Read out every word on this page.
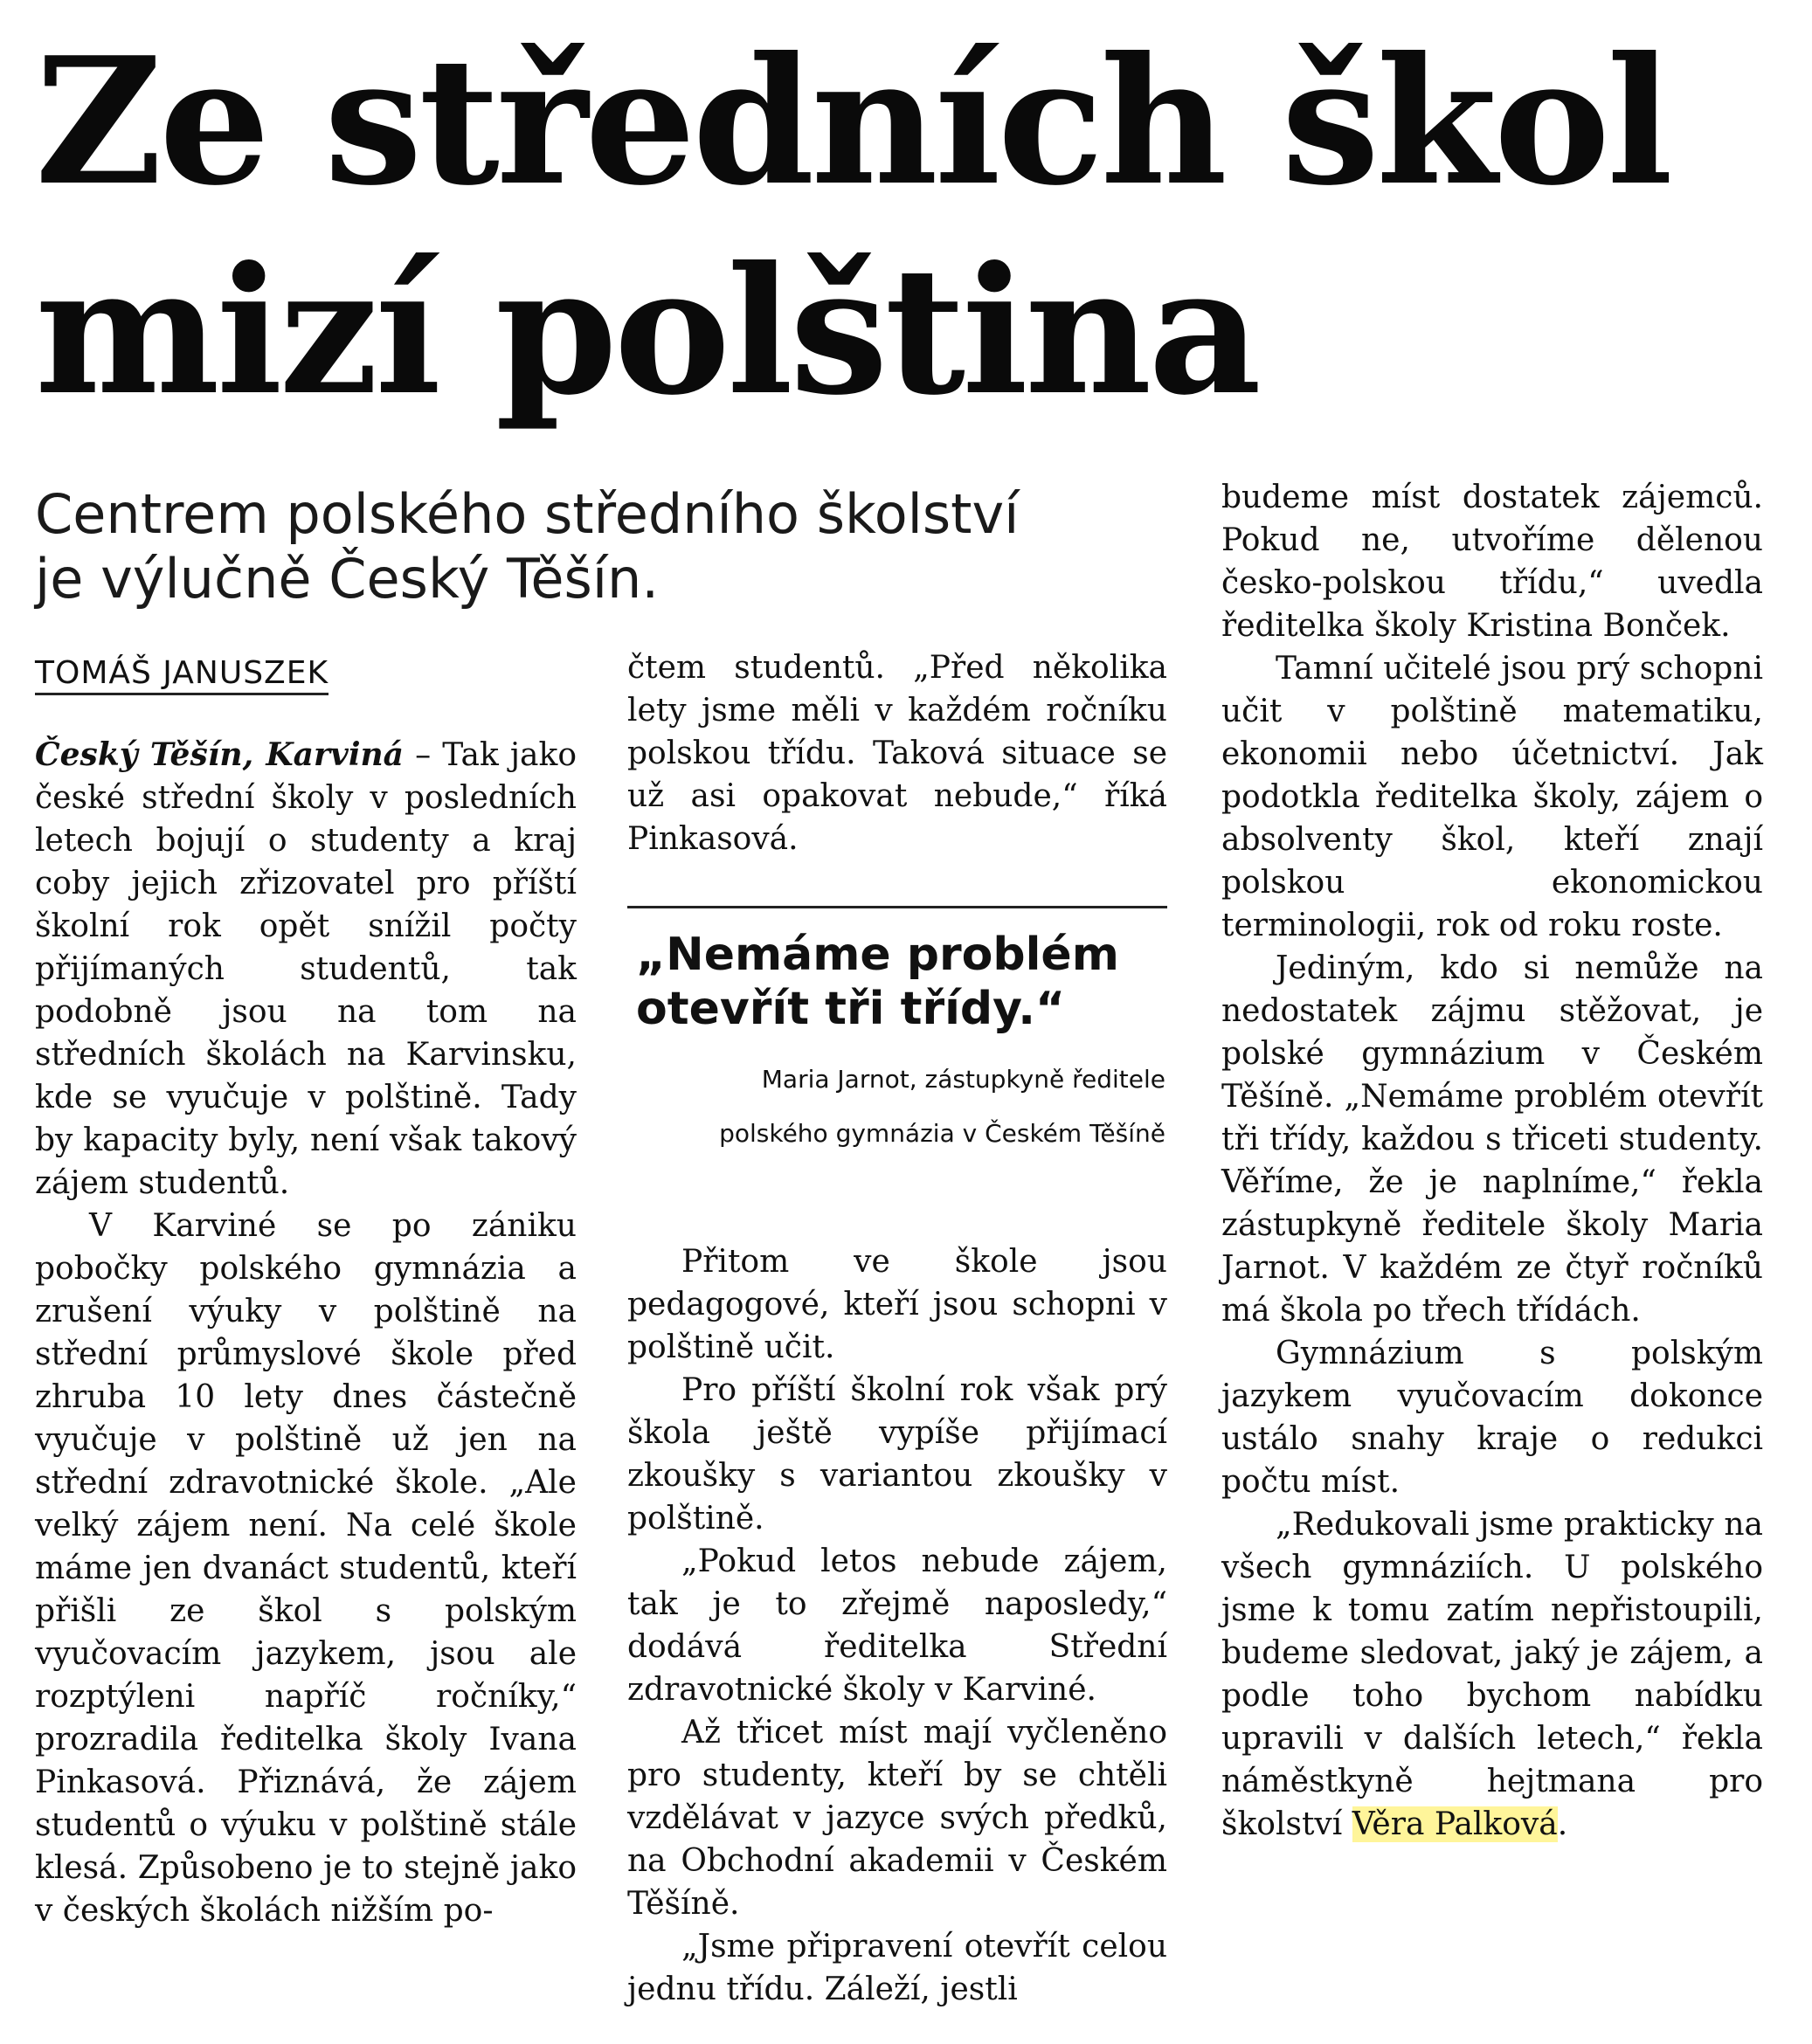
Ze středních škol
mizí polština
Centrem polského středního školství
je výlučně Český Těšín.
TOMÁŠ JANUSZEK

Český Těšín, Karviná – Tak jako české střední školy v posledních letech bojují o studenty a kraj coby jejich zřizovatel pro příští školní rok opět snížil počty přijímaných studentů, tak podobně jsou na tom na středních školách na Karvinsku, kde se vyučuje v polštině. Tady by kapacity byly, není však takový zájem studentů.

V Karviné se po zániku pobočky polského gymnázia a zrušení výuky v polštině na střední průmyslové škole před zhruba 10 lety dnes částečně vyučuje v polštině už jen na střední zdravotnické škole. „Ale velký zájem není. Na celé škole máme jen dvanáct studentů, kteří přišli ze škol s polským vyučovacím jazykem, jsou ale rozptýleni napříč ročníky,“ prozradila ředitelka školy Ivana Pinkasová. Přiznává, že zájem studentů o výuku v polštině stále klesá. Způsobeno je to stejně jako v českých školách nižším po-

čtem studentů. „Před několika lety jsme měli v každém ročníku polskou třídu. Taková situace se už asi opakovat nebude,“ říká Pinkasová.

„Nemáme problém
otevřít tři třídy.“
Maria Jarnot, zástupkyně ředitele
polského gymnázia v Českém Těšíně

Přitom ve škole jsou pedagogové, kteří jsou schopni v polštině učit.

Pro příští školní rok však prý škola ještě vypíše přijímací zkoušky s variantou zkoušky v polštině.

„Pokud letos nebude zájem, tak je to zřejmě naposledy,“ dodává ředitelka Střední zdravotnické školy v Karviné.

Až třicet míst mají vyčleněno pro studenty, kteří by se chtěli vzdělávat v jazyce svých předků, na Obchodní akademii v Českém Těšíně.

„Jsme připravení otevřít celou jednu třídu. Záleží, jestli

budeme míst dostatek zájemců. Pokud ne, utvoříme dělenou česko-polskou třídu,“ uvedla ředitelka školy Kristina Bonček.

Tamní učitelé jsou prý schopni učit v polštině matematiku, ekonomii nebo účetnictví. Jak podotkla ředitelka školy, zájem o absolventy škol, kteří znají polskou ekonomickou terminologii, rok od roku roste.

Jediným, kdo si nemůže na nedostatek zájmu stěžovat, je polské gymnázium v Českém Těšíně. „Nemáme problém otevřít tři třídy, každou s třiceti studenty. Věříme, že je naplníme,“ řekla zástupkyně ředitele školy Maria Jarnot. V každém ze čtyř ročníků má škola po třech třídách.

Gymnázium s polským jazykem vyučovacím dokonce ustálo snahy kraje o redukci počtu míst.

„Redukovali jsme prakticky na všech gymnáziích. U polského jsme k tomu zatím nepřistoupili, budeme sledovat, jaký je zájem, a podle toho bychom nabídku upravili v dalších letech,“ řekla náměstkyně hejtmana pro školství Věra Palková.
